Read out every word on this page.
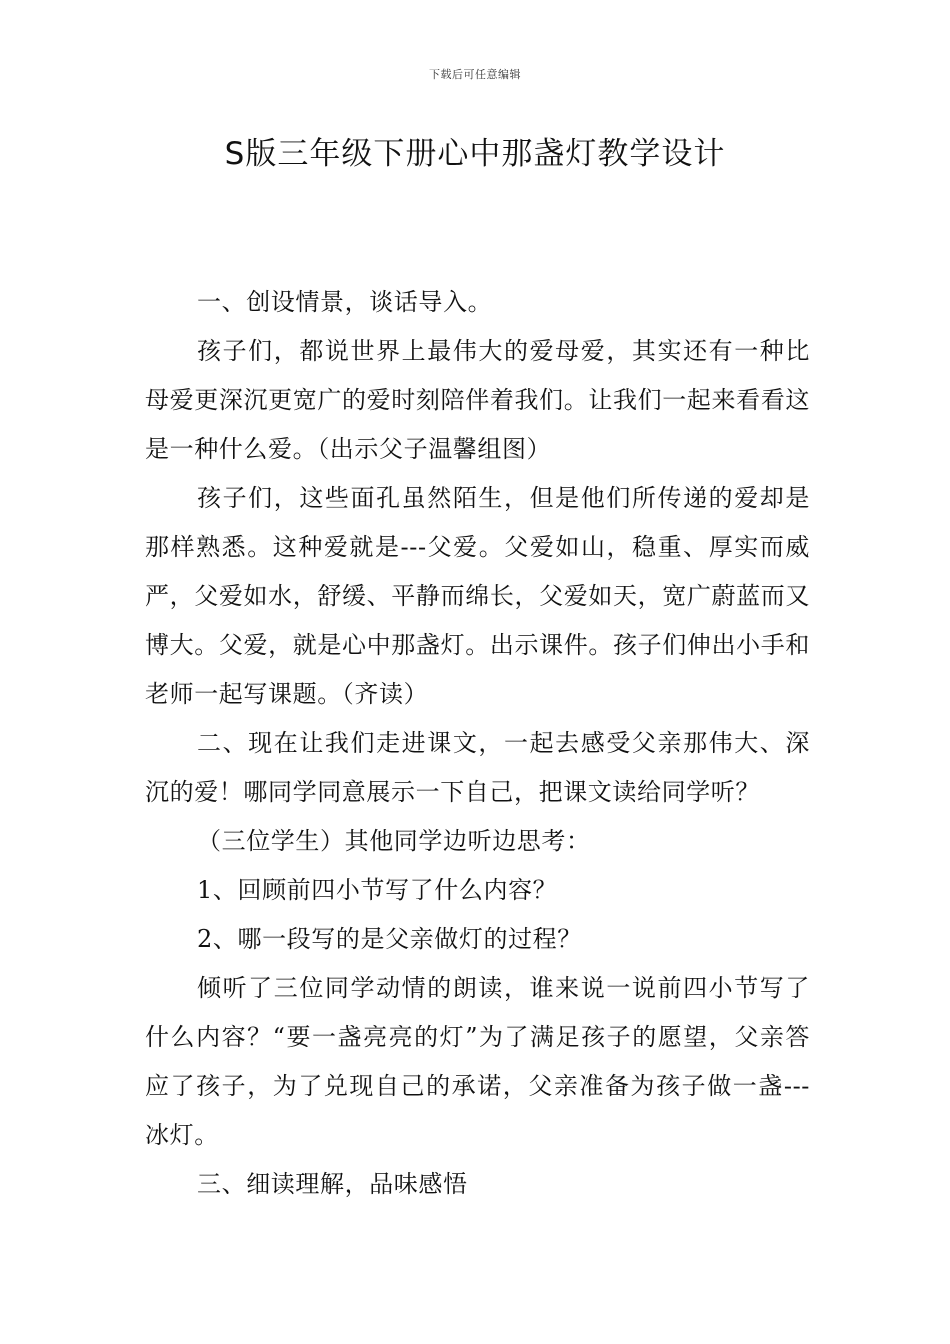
下载后可任意编辑
S版三年级下册心中那盏灯教学设计

一、创设情景，谈话导入。

孩子们，都说世界上最伟大的爱母爱，其实还有一种比母爱更深沉更宽广的爱时刻陪伴着我们。让我们一起来看看这是一种什么爱。（出示父子温馨组图）

孩子们，这些面孔虽然陌生，但是他们所传递的爱却是那样熟悉。这种爱就是---父爱。父爱如山，稳重、厚实而威严，父爱如水，舒缓、平静而绵长，父爱如天，宽广蔚蓝而又博大。父爱，就是心中那盏灯。出示课件。孩子们伸出小手和老师一起写课题。（齐读）

二、现在让我们走进课文，一起去感受父亲那伟大、深沉的爱！哪同学同意展示一下自己，把课文读给同学听？

（三位学生）其他同学边听边思考：

1、回顾前四小节写了什么内容？

2、哪一段写的是父亲做灯的过程？

倾听了三位同学动情的朗读，谁来说一说前四小节写了什么内容？“要一盏亮亮的灯”为了满足孩子的愿望，父亲答应了孩子，为了兑现自己的承诺，父亲准备为孩子做一盏---冰灯。

三、细读理解，品味感悟
